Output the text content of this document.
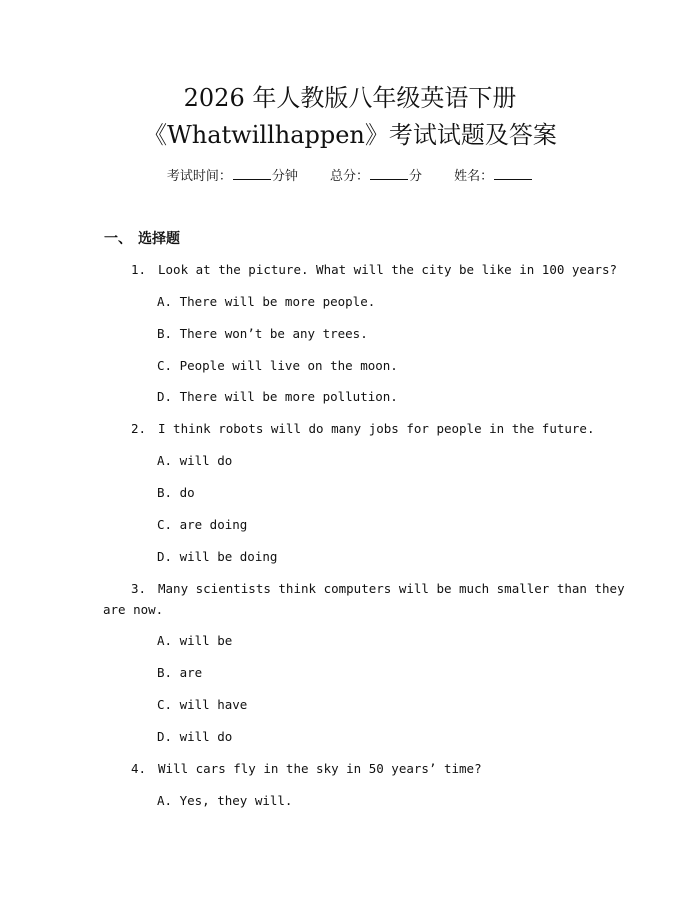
2026 年人教版八年级英语下册
《Whatwillhappen》考试试题及答案
考试时间：	分钟 总分：	分 姓名：
一、 选择题
1. Look at the picture. What will the city be like in 100 years?
A. There will be more people.
B. There won’t be any trees.
C. People will live on the moon.
D. There will be more pollution.
2. I think robots will do many jobs for people in the future.
A. will do
B. do
C. are doing
D. will be doing
3. Many scientists think computers will be much smaller than they
are now.
A. will be
B. are
C. will have
D. will do
4. Will cars fly in the sky in 50 years’ time?
A. Yes, they will.
